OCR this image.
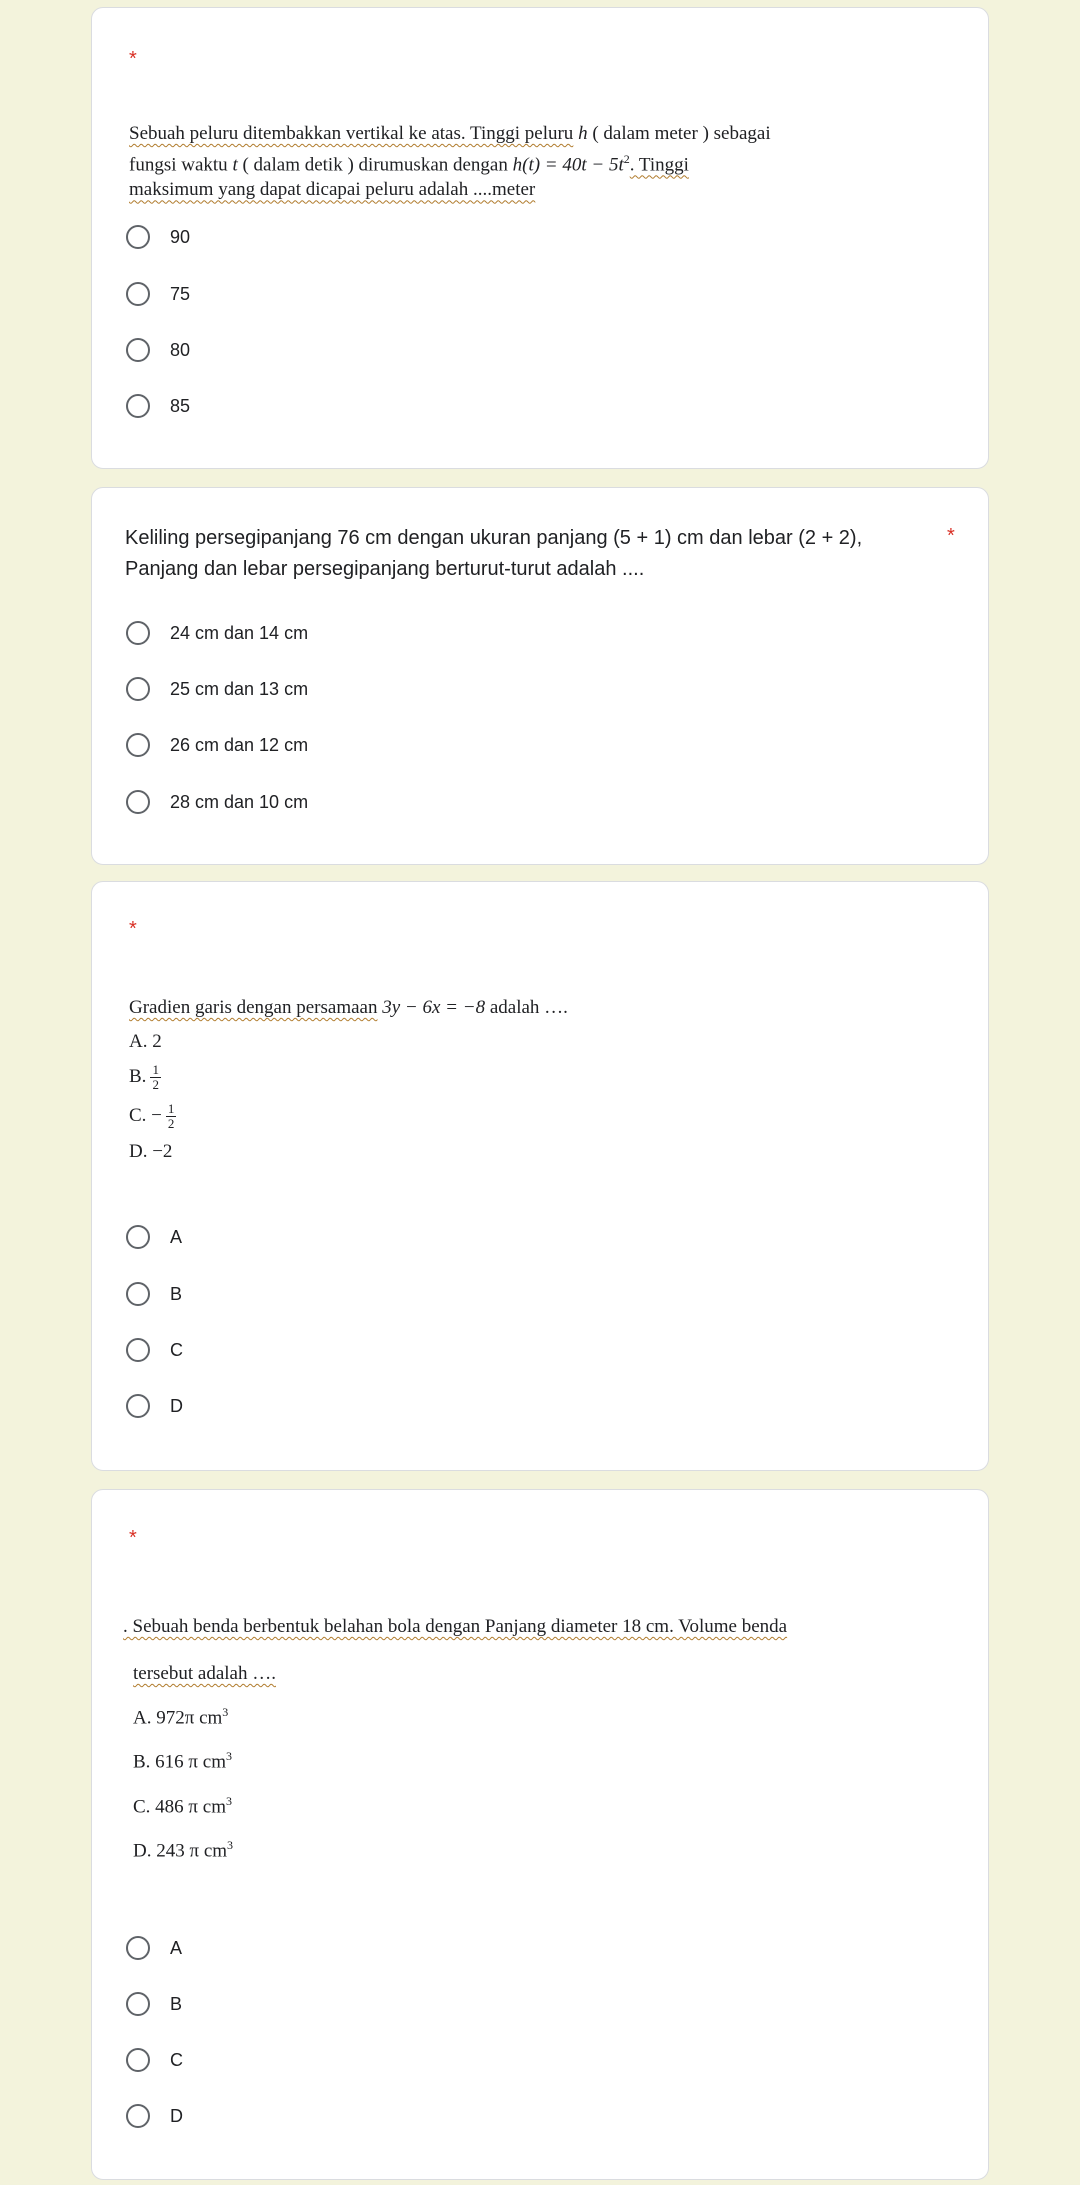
*
Sebuah peluru ditembakkan vertikal ke atas. Tinggi peluru h ( dalam meter ) sebagai
fungsi waktu t ( dalam detik ) dirumuskan dengan $h(t) = 40t - 5t^2$. Tinggi
maksimum yang dapat dicapai peluru adalah ....meter
90
75
80
85
Keliling persegipanjang 76 cm dengan ukuran panjang (5 + 1) cm dan lebar (2 + 2),
Panjang dan lebar persegipanjang berturut-turut adalah ....
*
24 cm dan 14 cm
25 cm dan 13 cm
26 cm dan 12 cm
28 cm dan 10 cm
*
Gradien garis dengan persamaan 3y − 6x = −8 adalah ….
A. 2
B. $\frac{1}{2}$
C. − $\frac{1}{2}$
D. −2
A
B
C
D
*
. Sebuah benda berbentuk belahan bola dengan Panjang diameter 18 cm. Volume benda
tersebut adalah ….
A. 972π $cm^3$
B. 616 π $cm^3$
C. 486 π $cm^3$
D. 243 π $cm^3$
A
B
C
D
